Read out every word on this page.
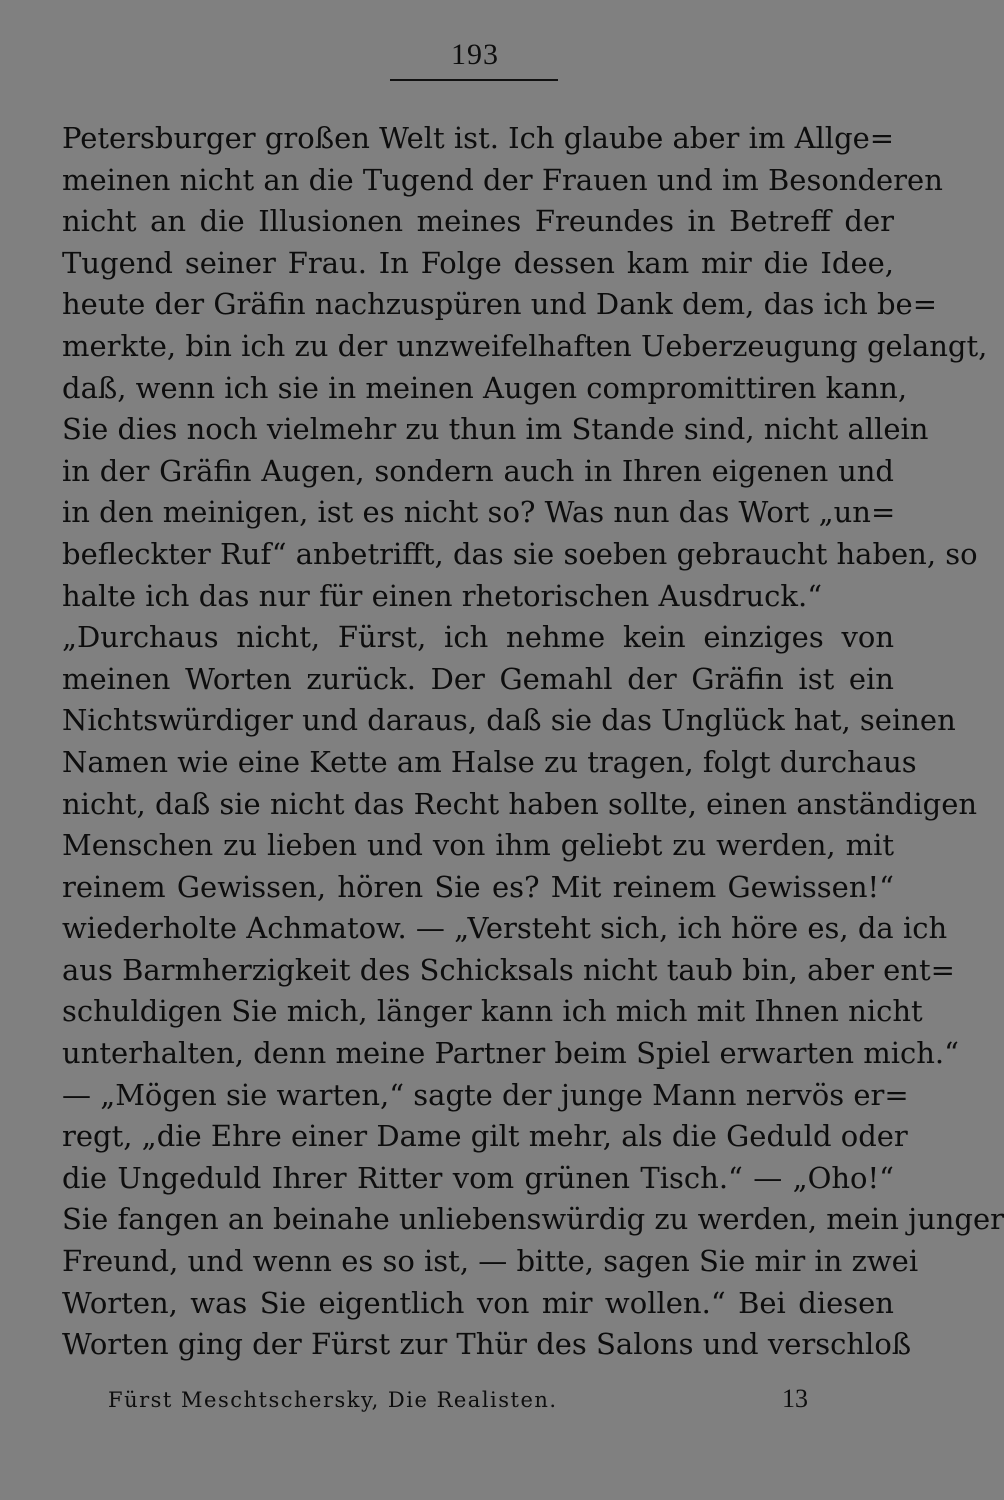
193
Petersburger großen Welt ist. Ich glaube aber im Allge=
meinen nicht an die Tugend der Frauen und im Besonderen
nicht an die Illusionen meines Freundes in Betreff der
Tugend seiner Frau. In Folge dessen kam mir die Idee,
heute der Gräfin nachzuspüren und Dank dem, das ich be=
merkte, bin ich zu der unzweifelhaften Ueberzeugung gelangt,
daß, wenn ich sie in meinen Augen compromittiren kann,
Sie dies noch vielmehr zu thun im Stande sind, nicht allein
in der Gräfin Augen, sondern auch in Ihren eigenen und
in den meinigen, ist es nicht so? Was nun das Wort „un=
befleckter Ruf“ anbetrifft, das sie soeben gebraucht haben, so
halte ich das nur für einen rhetorischen Ausdruck.“
„Durchaus nicht, Fürst, ich nehme kein einziges von
meinen Worten zurück. Der Gemahl der Gräfin ist ein
Nichtswürdiger und daraus, daß sie das Unglück hat, seinen
Namen wie eine Kette am Halse zu tragen, folgt durchaus
nicht, daß sie nicht das Recht haben sollte, einen anständigen
Menschen zu lieben und von ihm geliebt zu werden, mit
reinem Gewissen, hören Sie es? Mit reinem Gewissen!“
wiederholte Achmatow. — „Versteht sich, ich höre es, da ich
aus Barmherzigkeit des Schicksals nicht taub bin, aber ent=
schuldigen Sie mich, länger kann ich mich mit Ihnen nicht
unterhalten, denn meine Partner beim Spiel erwarten mich.“
— „Mögen sie warten,“ sagte der junge Mann nervös er=
regt, „die Ehre einer Dame gilt mehr, als die Geduld oder
die Ungeduld Ihrer Ritter vom grünen Tisch.“ — „Oho!“
Sie fangen an beinahe unliebenswürdig zu werden, mein junger
Freund, und wenn es so ist, — bitte, sagen Sie mir in zwei
Worten, was Sie eigentlich von mir wollen.“ Bei diesen
Worten ging der Fürst zur Thür des Salons und verschloß
Fürst Meschtschersky, Die Realisten.	13
